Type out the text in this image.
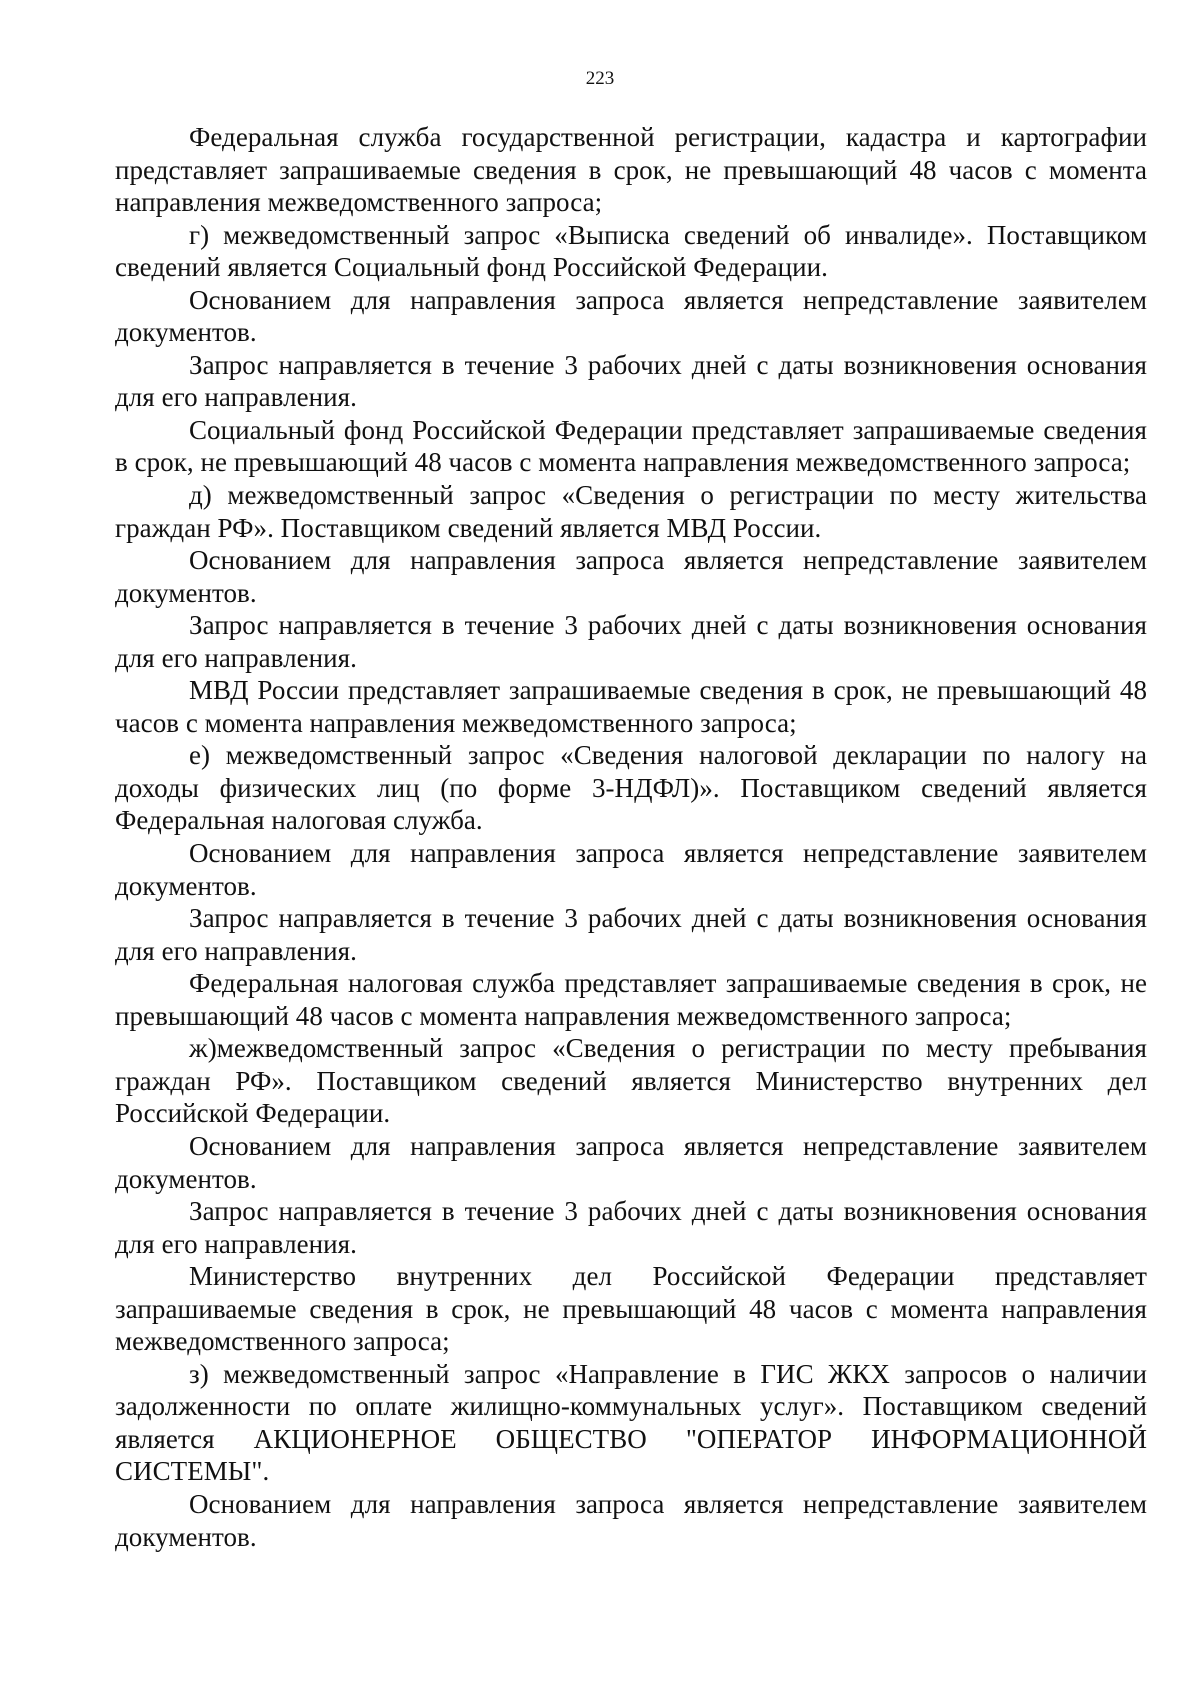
223

Федеральная служба государственной регистрации, кадастра и картографии представляет запрашиваемые сведения в срок, не превышающий 48 часов с момента направления межведомственного запроса;

г) межведомственный запрос «Выписка сведений об инвалиде». Поставщиком сведений является Социальный фонд Российской Федерации.

Основанием для направления запроса является непредставление заявителем документов.

Запрос направляется в течение 3 рабочих дней с даты возникновения основания для его направления.

Социальный фонд Российской Федерации представляет запрашиваемые сведения в срок, не превышающий 48 часов с момента направления межведомственного запроса;

д) межведомственный запрос «Сведения о регистрации по месту жительства граждан РФ». Поставщиком сведений является МВД России.

Основанием для направления запроса является непредставление заявителем документов.

Запрос направляется в течение 3 рабочих дней с даты возникновения основания для его направления.

МВД России представляет запрашиваемые сведения в срок, не превышающий 48 часов с момента направления межведомственного запроса;

е) межведомственный запрос «Сведения налоговой декларации по налогу на доходы физических лиц (по форме 3-НДФЛ)». Поставщиком сведений является Федеральная налоговая служба.

Основанием для направления запроса является непредставление заявителем документов.

Запрос направляется в течение 3 рабочих дней с даты возникновения основания для его направления.

Федеральная налоговая служба представляет запрашиваемые сведения в срок, не превышающий 48 часов с момента направления межведомственного запроса;

ж)межведомственный запрос «Сведения о регистрации по месту пребывания граждан РФ». Поставщиком сведений является Министерство внутренних дел Российской Федерации.

Основанием для направления запроса является непредставление заявителем документов.

Запрос направляется в течение 3 рабочих дней с даты возникновения основания для его направления.

Министерство внутренних дел Российской Федерации представляет запрашиваемые сведения в срок, не превышающий 48 часов с момента направления межведомственного запроса;

з) межведомственный запрос «Направление в ГИС ЖКХ запросов о наличии задолженности по оплате жилищно-коммунальных услуг». Поставщиком сведений является АКЦИОНЕРНОЕ ОБЩЕСТВО "ОПЕРАТОР ИНФОРМАЦИОННОЙ СИСТЕМЫ".

Основанием для направления запроса является непредставление заявителем документов.
